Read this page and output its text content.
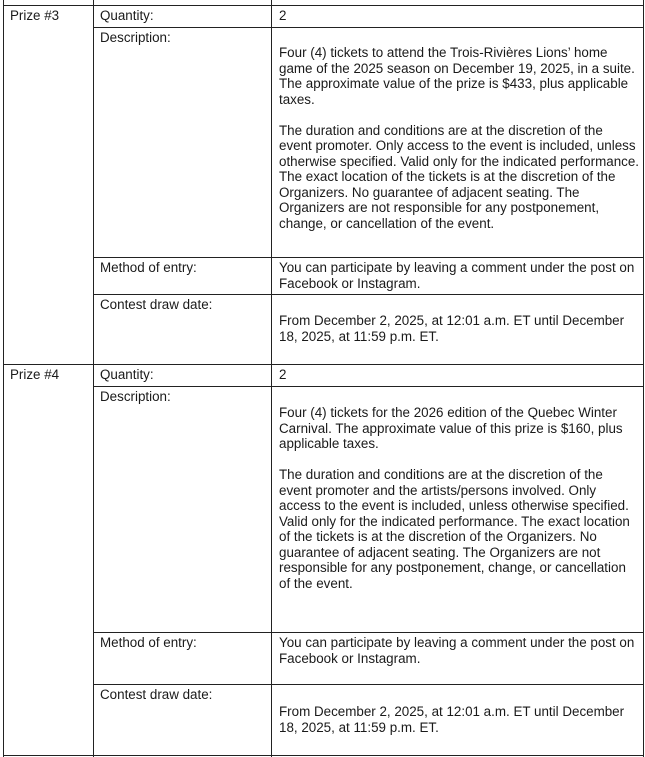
Prize #3	Quantity:	2
Description:

Four (4) tickets to attend the Trois-Rivières Lions’ home game of the 2025 season on December 19, 2025, in a suite. The approximate value of the prize is $433, plus applicable taxes.

The duration and conditions are at the discretion of the event promoter. Only access to the event is included, unless otherwise specified. Valid only for the indicated performance. The exact location of the tickets is at the discretion of the Organizers. No guarantee of adjacent seating. The Organizers are not responsible for any postponement, change, or cancellation of the event.

Method of entry:	You can participate by leaving a comment under the post on Facebook or Instagram.
Contest draw date:
From December 2, 2025, at 12:01 a.m. ET until December 18, 2025, at 11:59 p.m. ET.
Prize #4	Quantity:	2
Description:

Four (4) tickets for the 2026 edition of the Quebec Winter Carnival. The approximate value of this prize is $160, plus applicable taxes.

The duration and conditions are at the discretion of the event promoter and the artists/persons involved. Only access to the event is included, unless otherwise specified. Valid only for the indicated performance. The exact location of the tickets is at the discretion of the Organizers. No guarantee of adjacent seating. The Organizers are not responsible for any postponement, change, or cancellation of the event.

Method of entry:	You can participate by leaving a comment under the post on Facebook or Instagram.
Contest draw date:
From December 2, 2025, at 12:01 a.m. ET until December 18, 2025, at 11:59 p.m. ET.
